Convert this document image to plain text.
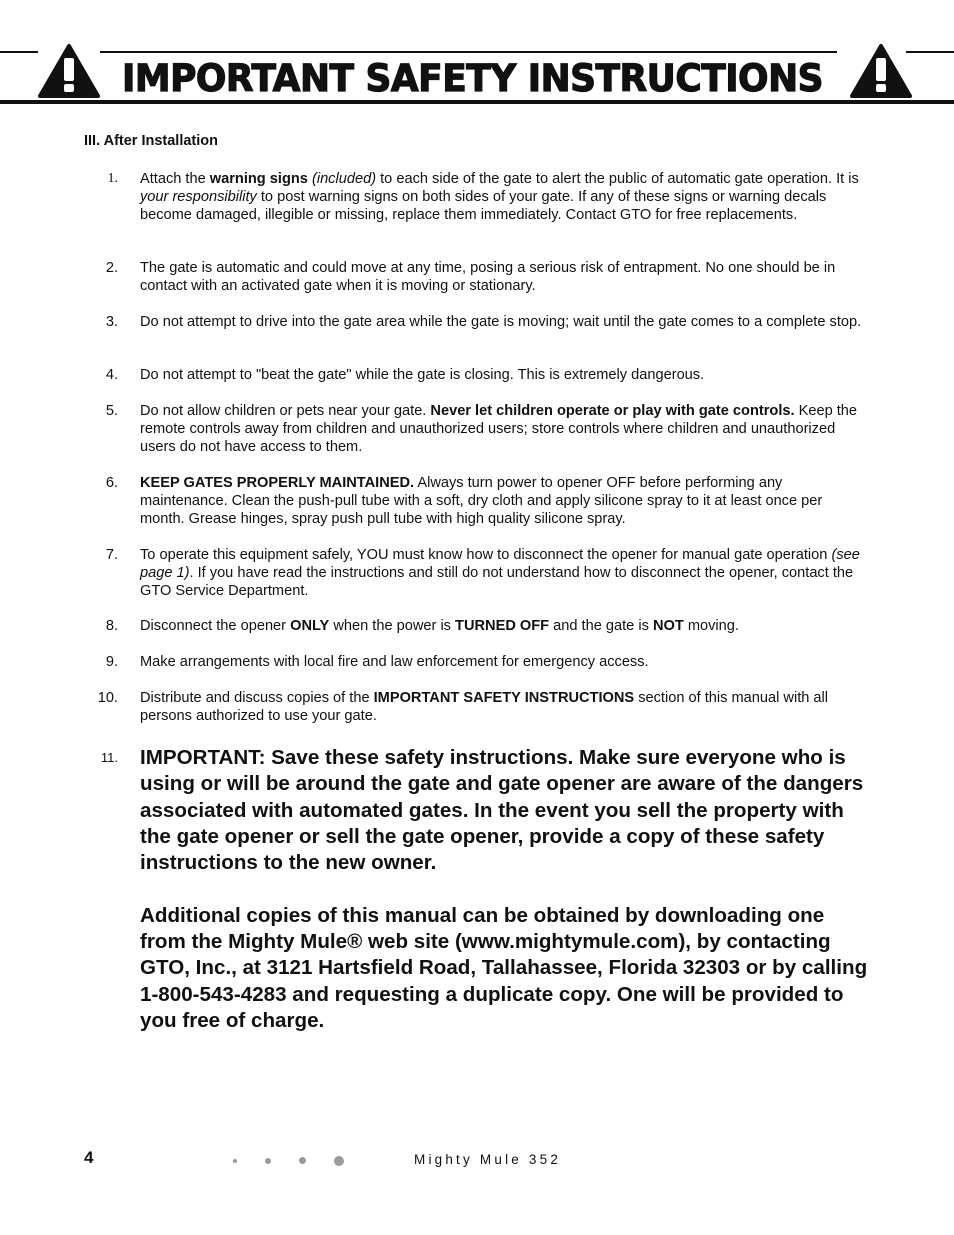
IMPORTANT SAFETY INSTRUCTIONS
III. After Installation
1. Attach the warning signs (included) to each side of the gate to alert the public of automatic gate operation. It is your responsibility to post warning signs on both sides of your gate. If any of these signs or warning decals become damaged, illegible or missing, replace them immediately. Contact GTO for free replacements.
2. The gate is automatic and could move at any time, posing a serious risk of entrapment. No one should be in contact with an activated gate when it is moving or stationary.
3. Do not attempt to drive into the gate area while the gate is moving; wait until the gate comes to a complete stop.
4. Do not attempt to "beat the gate" while the gate is closing. This is extremely dangerous.
5. Do not allow children or pets near your gate. Never let children operate or play with gate controls. Keep the remote controls away from children and unauthorized users; store controls where children and unauthorized users do not have access to them.
6. KEEP GATES PROPERLY MAINTAINED. Always turn power to opener OFF before performing any maintenance. Clean the push-pull tube with a soft, dry cloth and apply silicone spray to it at least once per month. Grease hinges, spray push pull tube with high quality silicone spray.
7. To operate this equipment safely, YOU must know how to disconnect the opener for manual gate operation (see page 1). If you have read the instructions and still do not understand how to disconnect the opener, contact the GTO Service Department.
8. Disconnect the opener ONLY when the power is TURNED OFF and the gate is NOT moving.
9. Make arrangements with local fire and law enforcement for emergency access.
10. Distribute and discuss copies of the IMPORTANT SAFETY INSTRUCTIONS section of this manual with all persons authorized to use your gate.
11. IMPORTANT: Save these safety instructions. Make sure everyone who is using or will be around the gate and gate opener are aware of the dangers associated with automated gates. In the event you sell the property with the gate opener or sell the gate opener, provide a copy of these safety instructions to the new owner.

Additional copies of this manual can be obtained by downloading one from the Mighty Mule® web site (www.mightymule.com), by contacting GTO, Inc., at 3121 Hartsfield Road, Tallahassee, Florida 32303 or by calling 1-800-543-4283 and requesting a duplicate copy. One will be provided to you free of charge.
4	Mighty Mule 352
